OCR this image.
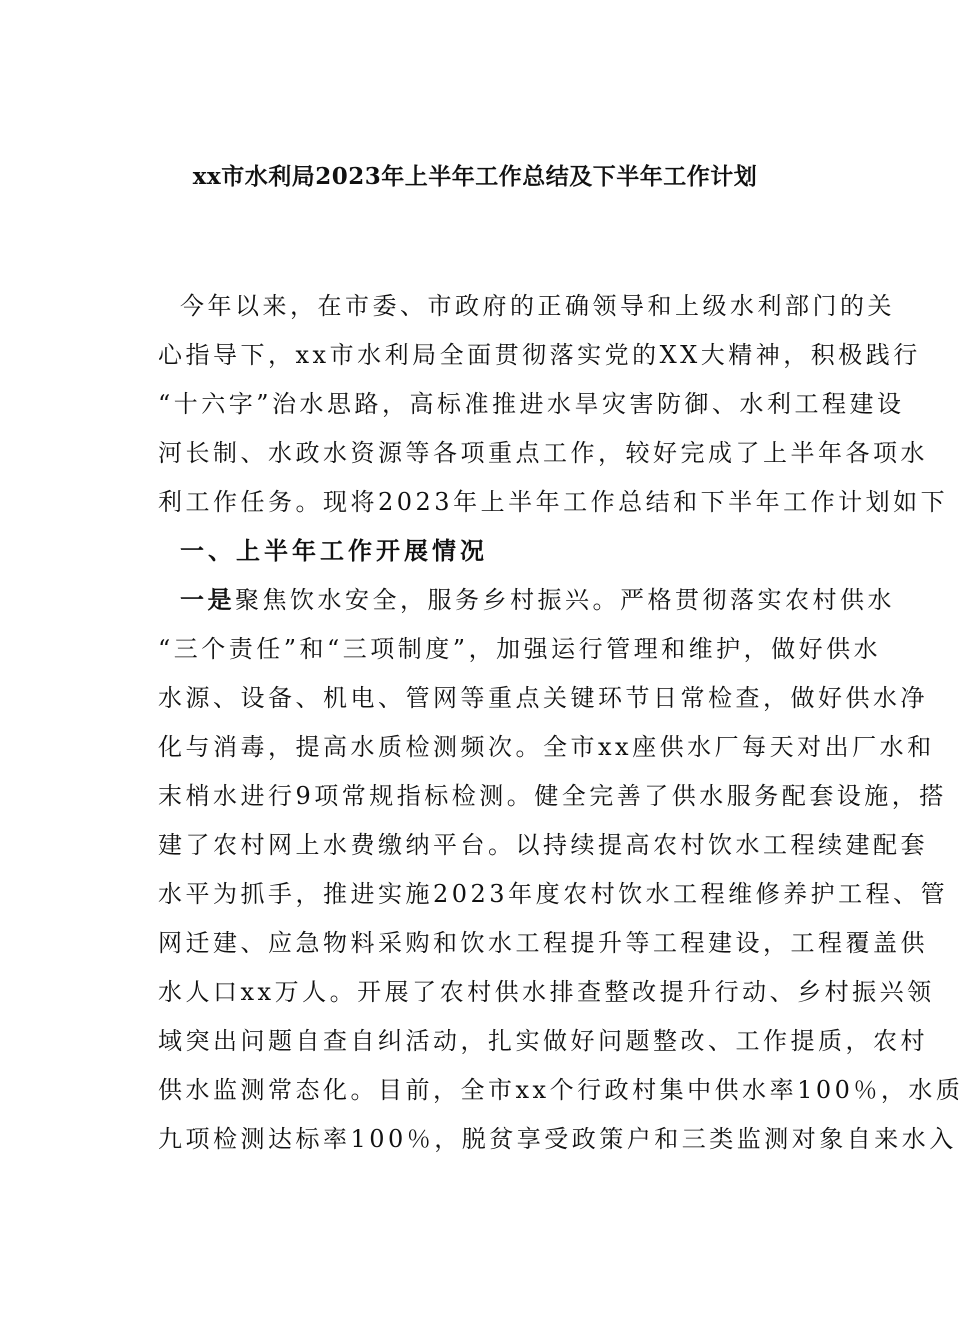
xx市水利局2023年上半年工作总结及下半年工作计划
今年以来，在市委、市政府的正确领导和上级水利部门的关
心指导下，xx市水利局全面贯彻落实党的XX大精神，积极践行
“十六字”治水思路，高标准推进水旱灾害防御、水利工程建设
河长制、水政水资源等各项重点工作，较好完成了上半年各项水
利工作任务。现将2023年上半年工作总结和下半年工作计划如下
一、上半年工作开展情况
一是聚焦饮水安全，服务乡村振兴。严格贯彻落实农村供水
“三个责任”和“三项制度”，加强运行管理和维护，做好供水
水源、设备、机电、管网等重点关键环节日常检查，做好供水净
化与消毒，提高水质检测频次。全市xx座供水厂每天对出厂水和
末梢水进行9项常规指标检测。健全完善了供水服务配套设施，搭
建了农村网上水费缴纳平台。以持续提高农村饮水工程续建配套
水平为抓手，推进实施2023年度农村饮水工程维修养护工程、管
网迁建、应急物料采购和饮水工程提升等工程建设，工程覆盖供
水人口xx万人。开展了农村供水排查整改提升行动、乡村振兴领
域突出问题自查自纠活动，扎实做好问题整改、工作提质，农村
供水监测常态化。目前，全市xx个行政村集中供水率100％，水质
九项检测达标率100％，脱贫享受政策户和三类监测对象自来水入
